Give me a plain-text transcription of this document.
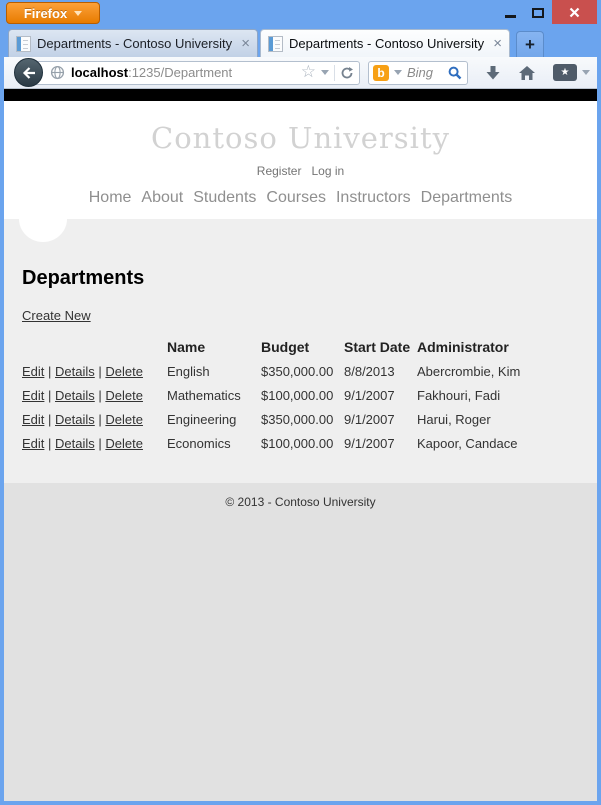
Firefox
Departments - Contoso University ×	Departments - Contoso University ×	+
localhost:1235/Department	☆	b	Bing	★
Contoso University
Register Log in
Home About Students Courses Instructors Departments
Departments
Create New
	Name	Budget	Start Date	Administrator
Edit | Details | Delete	English	$350,000.00	8/8/2013	Abercrombie, Kim
Edit | Details | Delete	Mathematics	$100,000.00	9/1/2007	Fakhouri, Fadi
Edit | Details | Delete	Engineering	$350,000.00	9/1/2007	Harui, Roger
Edit | Details | Delete	Economics	$100,000.00	9/1/2007	Kapoor, Candace
© 2013 - Contoso University
